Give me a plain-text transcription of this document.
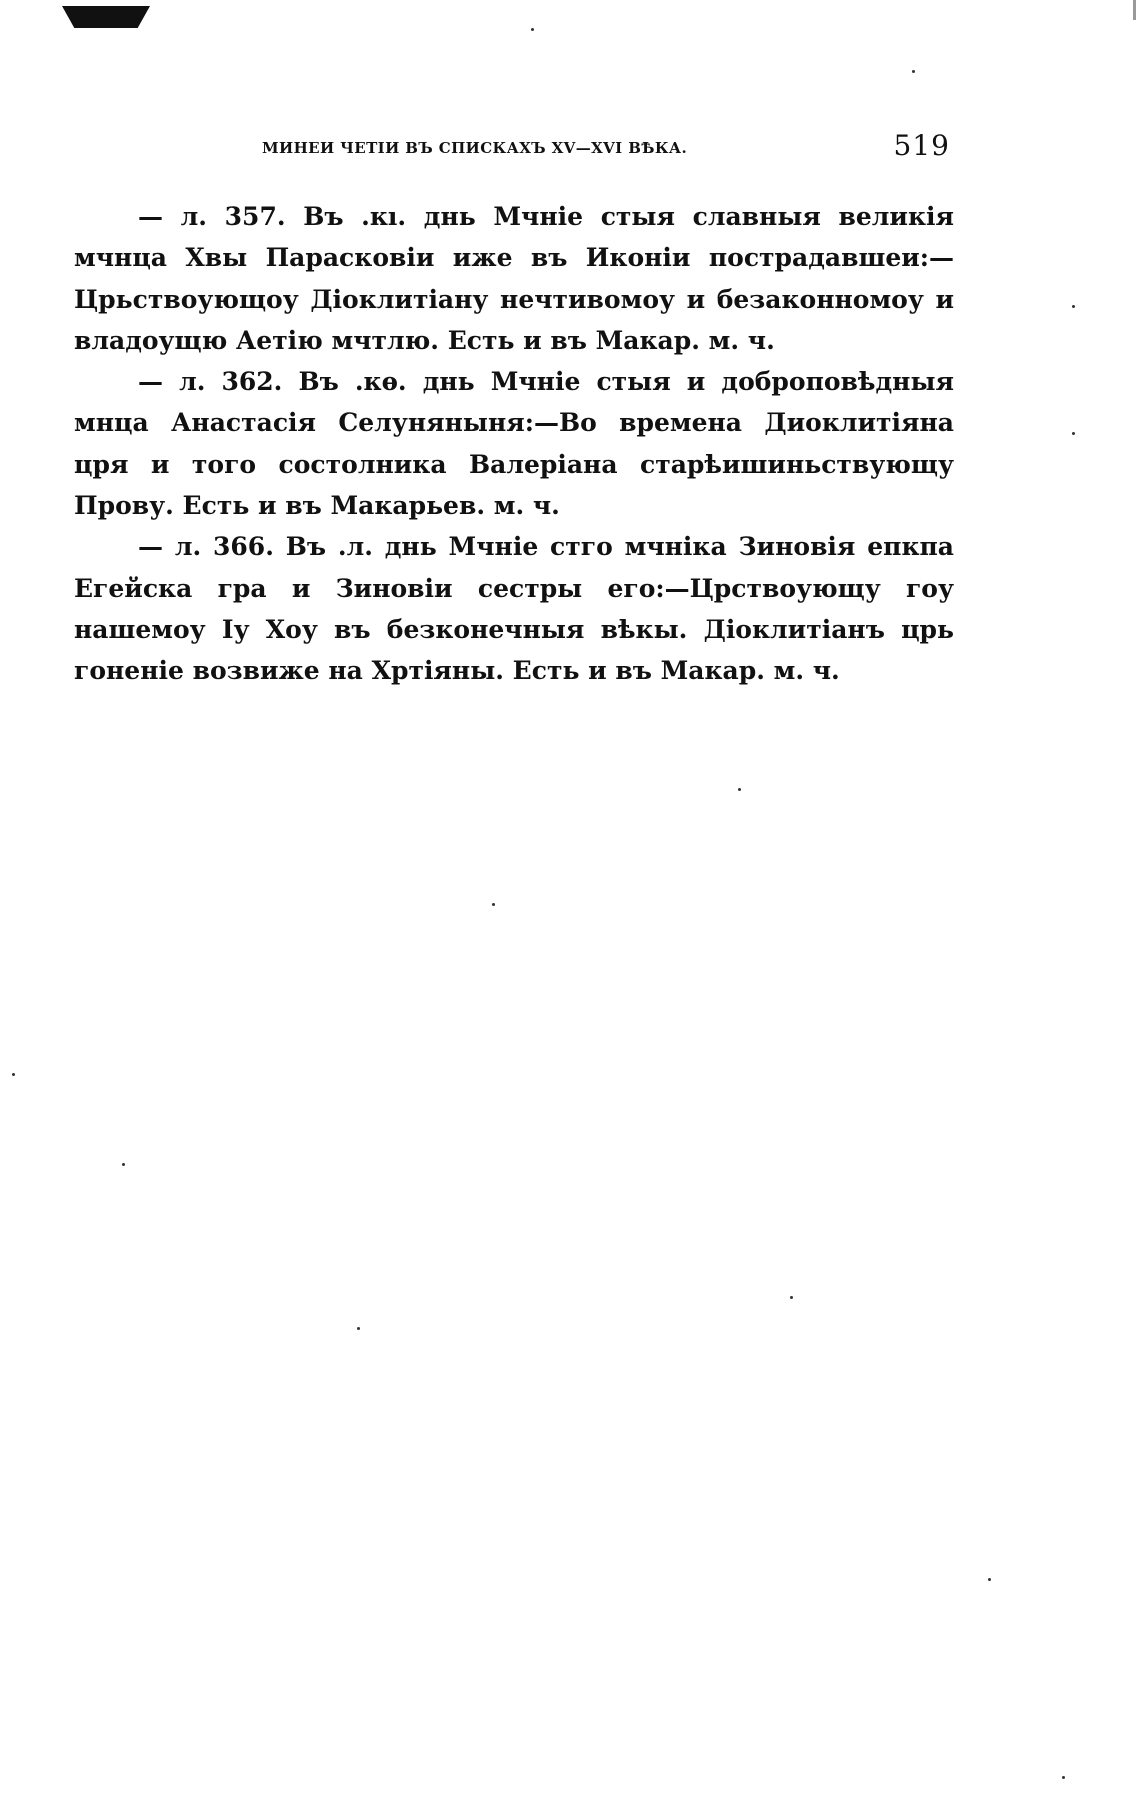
МИНЕИ ЧЕТІИ ВЪ СПИСКАХЪ XV—XVI ВѢКА.	519

— л. 357. Въ .кı. днь Мчніе стыя славныя великія мчнца Хвы Парасковіи иже въ Иконіи пострадавшеи:—Црьствоующоу Діоклитіану нечтивомоу и безаконномоу и владоущю Аетію мчтлю. Есть и въ Макар. м. ч.

— л. 362. Въ .кѳ. днь Мчніе стыя и доброповѣдныя мнца Анастасія Селуняныня:—Во времена Диоклитіяна цря и того состолника Валеріана старѣишиньствующу Прову. Есть и въ Макарьев. м. ч.

— л. 366. Въ .л. днь Мчніе стго мчніка Зиновія епкпа Егейска гра и Зиновіи сестры его:—Црствоующу гоу нашемоу Іу Хоу въ безконечныя вѣкы. Діоклитіанъ црь гоненіе возвиже на Хртіяны. Есть и въ Макар. м. ч.
